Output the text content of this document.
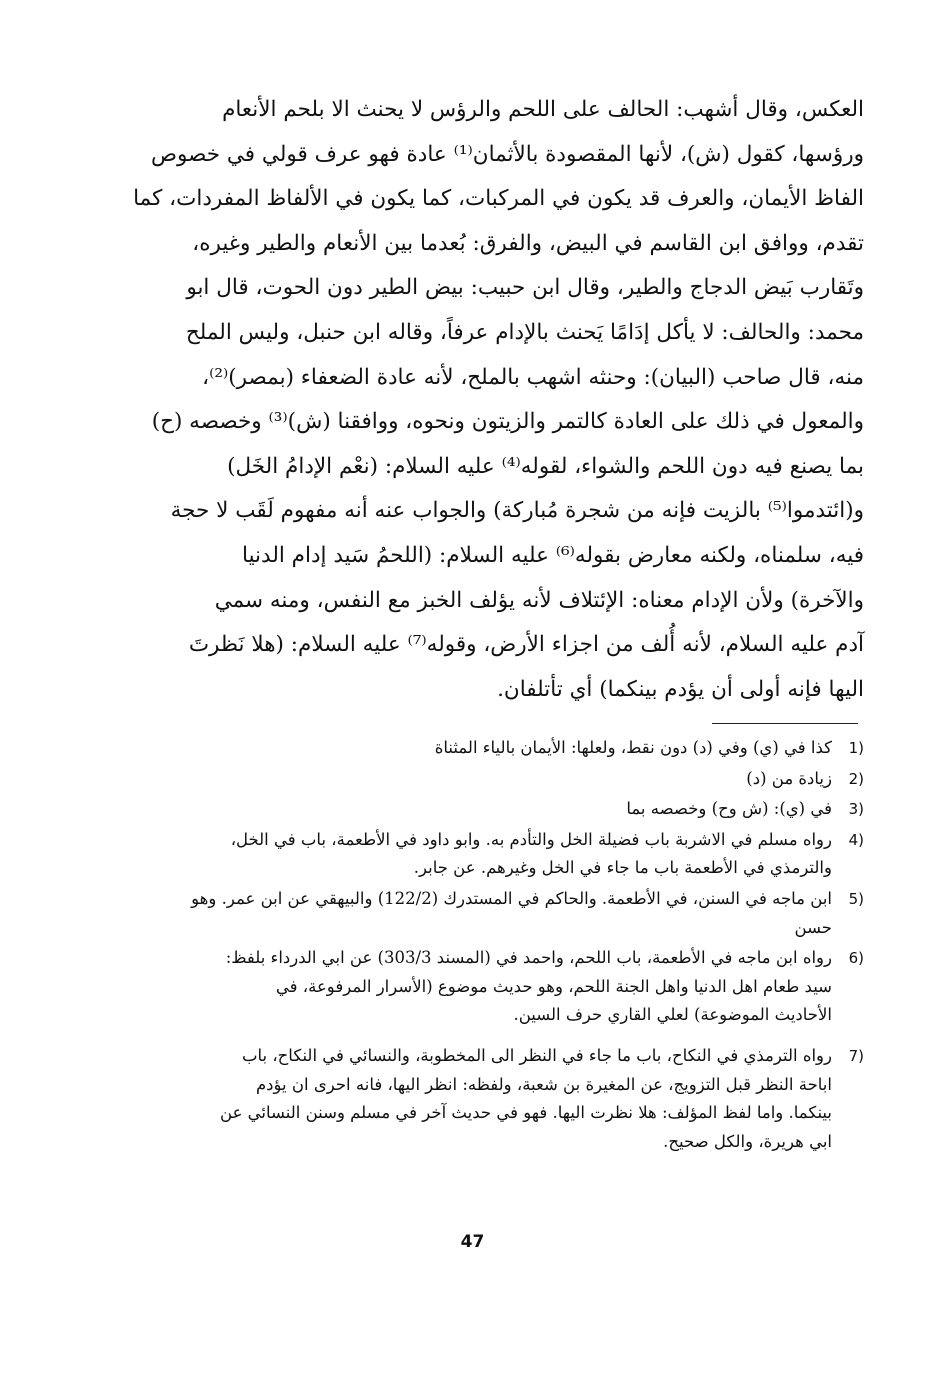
العكس، وقال أشهب: الحالف على اللحم والرؤس لا يحنث الا بلحم الأنعام
ورؤسها، كقول (ش)، لأنها المقصودة بالأثمان⁽¹⁾ عادة فهو عرف قولي في خصوص
الفاظ الأيمان، والعرف قد يكون في المركبات، كما يكون في الألفاظ المفردات، كما
تقدم، ووافق ابن القاسم في البيض، والفرق: بُعدما بين الأنعام والطير وغيره،
وتَقارب بَيض الدجاج والطير، وقال ابن حبيب: بيض الطير دون الحوت، قال ابو
محمد: والحالف: لا يأكل إدَامًا يَحنث بالإدام عرفاً، وقاله ابن حنبل، وليس الملح
منه، قال صاحب (البيان): وحنثه اشهب بالملح، لأنه عادة الضعفاء (بمصر)⁽²⁾،
والمعول في ذلك على العادة كالتمر والزيتون ونحوه، ووافقنا (ش)⁽³⁾ وخصصه (ح)
بما يصنع فيه دون اللحم والشواء، لقوله⁽⁴⁾ عليه السلام: (نعْم الإدامُ الخَل)
و(ائتدموا⁽⁵⁾ بالزيت فإنه من شجرة مُباركة) والجواب عنه أنه مفهوم لَقَب لا حجة
فيه، سلمناه، ولكنه معارض بقوله⁽⁶⁾ عليه السلام: (اللحمُ سَيد إدام الدنيا
والآخرة) ولأن الإدام معناه: الإئتلاف لأنه يؤلف الخبز مع النفس، ومنه سمي
آدم عليه السلام، لأنه أُلف من اجزاء الأرض، وقوله⁽⁷⁾ عليه السلام: (هلا نَظرتَ
اليها فإنه أولى أن يؤدم بينكما) أي تأتلفان.
1)
كذا في (ي) وفي (د) دون نقط، ولعلها: الأيمان بالياء المثناة
2)
زيادة من (د)
3)
في (ي): (ش وح) وخصصه بما
4)
رواه مسلم في الاشربة باب فضيلة الخل والتأدم به. وابو داود في الأطعمة، باب في الخل،
والترمذي في الأطعمة باب ما جاء في الخل وغيرهم. عن جابر.
5)
ابن ماجه في السنن، في الأطعمة. والحاكم في المستدرك (122/2) والبيهقي عن ابن عمر. وهو
حسن
6)
رواه ابن ماجه في الأطعمة، باب اللحم، واحمد في (المسند 303/3) عن ابي الدرداء بلفظ:
سيد طعام اهل الدنيا واهل الجنة اللحم، وهو حديث موضوع (الأسرار المرفوعة، في
الأحاديث الموضوعة) لعلي القاري حرف السين.
7)
رواه الترمذي في النكاح، باب ما جاء في النظر الى المخطوبة، والنسائي في النكاح، باب
اباحة النظر قبل التزويج، عن المغيرة بن شعبة، ولفظه: انظر اليها، فانه احرى ان يؤدم
بينكما. واما لفظ المؤلف: هلا نظرت اليها. فهو في حديث آخر في مسلم وسنن النسائي عن
ابي هريرة، والكل صحيح.
47
